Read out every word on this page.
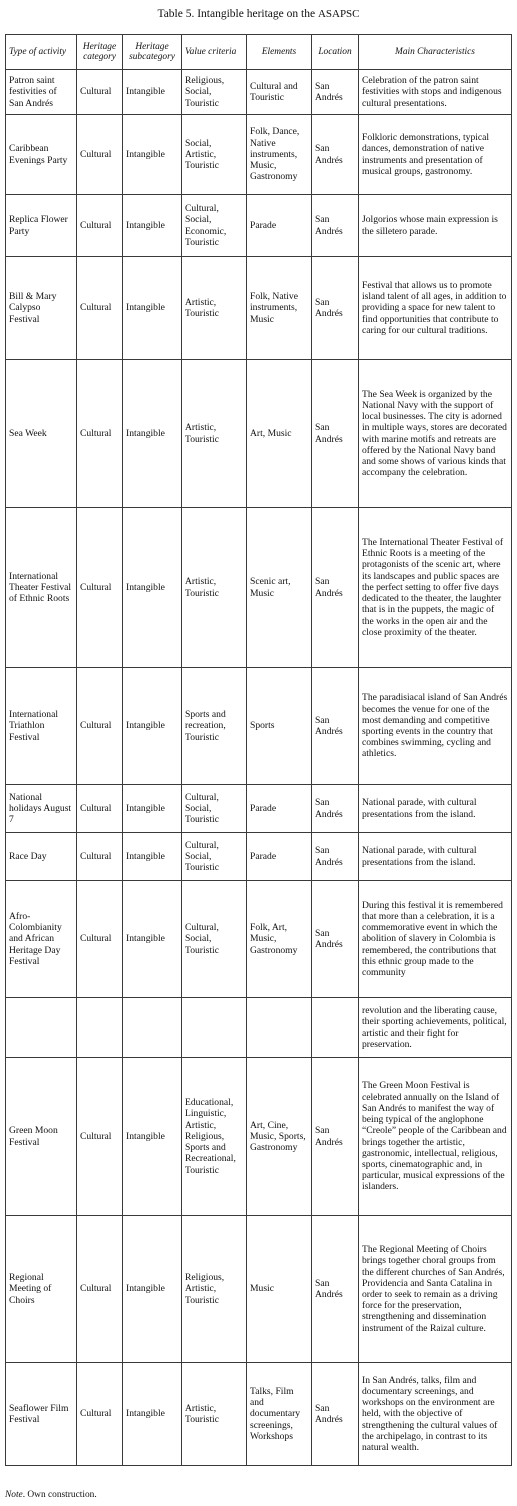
Table 5. Intangible heritage on the ASAPSC
Type of activity	Heritage category	Heritage subcategory	Value criteria	Elements	Location	Main Characteristics
Patron saint festivities of San Andrés	Cultural	Intangible	Religious, Social, Touristic	Cultural and Touristic	San Andrés	Celebration of the patron saint festivities with stops and indigenous cultural presentations.
Caribbean Evenings Party	Cultural	Intangible	Social, Artistic, Touristic	Folk, Dance, Native instruments, Music, Gastronomy	San Andrés	Folkloric demonstrations, typical dances, demonstration of native instruments and presentation of musical groups, gastronomy.
Replica Flower Party	Cultural	Intangible	Cultural, Social, Economic, Touristic	Parade	San Andrés	Jolgorios whose main expression is the silletero parade.
Bill & Mary Calypso Festival	Cultural	Intangible	Artistic, Touristic	Folk, Native instruments, Music	San Andrés	Festival that allows us to promote island talent of all ages, in addition to providing a space for new talent to find opportunities that contribute to caring for our cultural traditions.
Sea Week	Cultural	Intangible	Artistic, Touristic	Art, Music	San Andrés	The Sea Week is organized by the National Navy with the support of local businesses. The city is adorned in multiple ways, stores are decorated with marine motifs and retreats are offered by the National Navy band and some shows of various kinds that accompany the celebration.
International Theater Festival of Ethnic Roots	Cultural	Intangible	Artistic, Touristic	Scenic art, Music	San Andrés	The International Theater Festival of Ethnic Roots is a meeting of the protagonists of the scenic art, where its landscapes and public spaces are the perfect setting to offer five days dedicated to the theater, the laughter that is in the puppets, the magic of the works in the open air and the close proximity of the theater.
International Triathlon Festival	Cultural	Intangible	Sports and recreation, Touristic	Sports	San Andrés	The paradisiacal island of San Andrés becomes the venue for one of the most demanding and competitive sporting events in the country that combines swimming, cycling and athletics.
National holidays August 7	Cultural	Intangible	Cultural, Social, Touristic	Parade	San Andrés	National parade, with cultural presentations from the island.
Race Day	Cultural	Intangible	Cultural, Social, Touristic	Parade	San Andrés	National parade, with cultural presentations from the island.
Afro-Colombianity and African Heritage Day Festival	Cultural	Intangible	Cultural, Social, Touristic	Folk, Art, Music, Gastronomy	San Andrés	During this festival it is remembered that more than a celebration, it is a commemorative event in which the abolition of slavery in Colombia is remembered, the contributions that this ethnic group made to the community
						revolution and the liberating cause, their sporting achievements, political, artistic and their fight for preservation.
Green Moon Festival	Cultural	Intangible	Educational, Linguistic, Artistic, Religious, Sports and Recreational, Touristic	Art, Cine, Music, Sports, Gastronomy	San Andrés	The Green Moon Festival is celebrated annually on the Island of San Andrés to manifest the way of being typical of the anglophone “Creole” people of the Caribbean and brings together the artistic, gastronomic, intellectual, religious, sports, cinematographic and, in particular, musical expressions of the islanders.
Regional Meeting of Choirs	Cultural	Intangible	Religious, Artistic, Touristic	Music	San Andrés	The Regional Meeting of Choirs brings together choral groups from the different churches of San Andrés, Providencia and Santa Catalina in order to seek to remain as a driving force for the preservation, strengthening and dissemination instrument of the Raizal culture.
Seaflower Film Festival	Cultural	Intangible	Artistic, Touristic	Talks, Film and documentary screenings, Workshops	San Andrés	In San Andrés, talks, film and documentary screenings, and workshops on the environment are held, with the objective of strengthening the cultural values of the archipelago, in contrast to its natural wealth.
Note. Own construction.
